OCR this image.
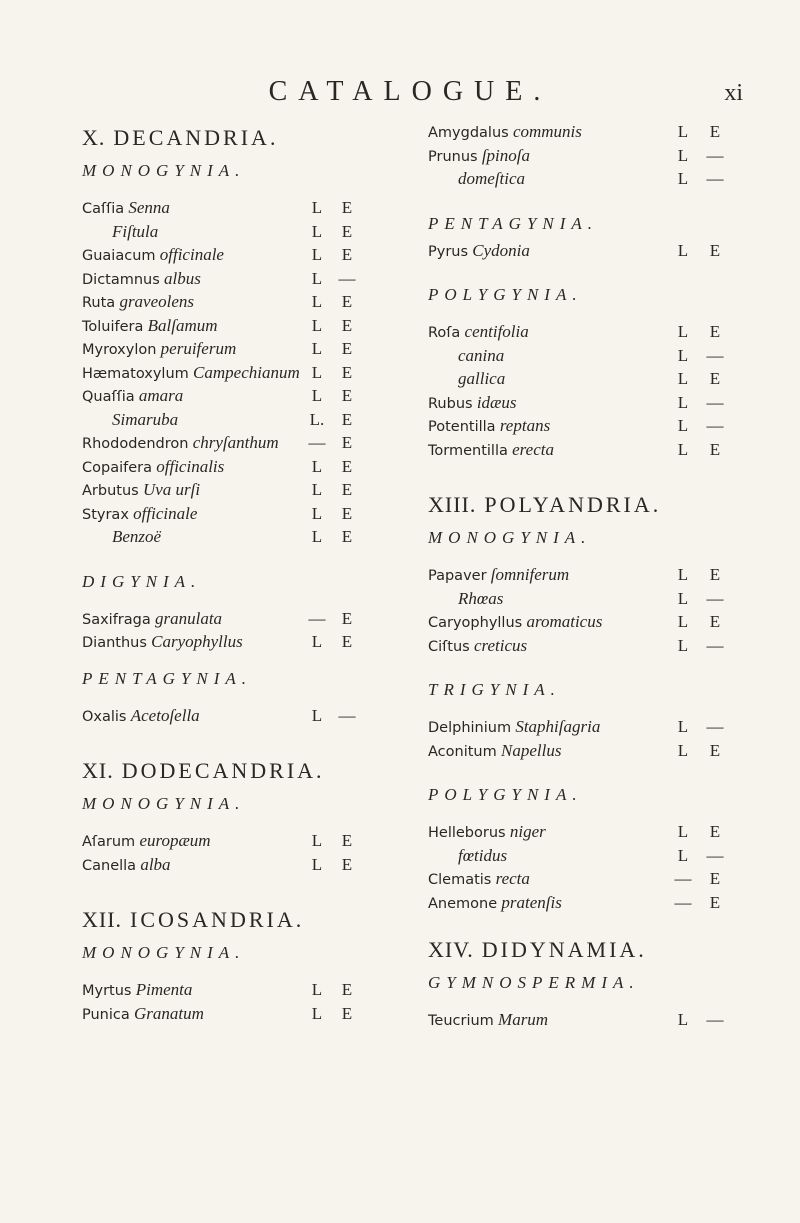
CATALOGUE.	xi
X. DECANDRIA.
MONOGYNIA.
Caſſia Senna	L E
Fiſtula	L E
Guaiacum officinale	L E
Dictamnus albus	L —
Ruta graveolens	L E
Toluifera Balſamum	L E
Myroxylon peruiferum	L E
Hæmatoxylum Campechianum L E
Quaſſia amara	L E
Simaruba	L. E
Rhododendron chryſanthum — E
Copaifera officinalis	L E
Arbutus Uva urſi	L E
Styrax officinale	L E
Benzoë	L E
DIGYNIA.
Saxifraga granulata	— E
Dianthus Caryophyllus	L E
PENTAGYNIA.
Oxalis Acetoſella	L —
XI. DODECANDRIA.
MONOGYNIA.
Aſarum europæum	L E
Canella alba	L E
XII. ICOSANDRIA.
MONOGYNIA.
Myrtus Pimenta	L E
Punica Granatum	L E
Amygdalus communis	L E
Prunus ſpinoſa	L —
domeſtica	L —
PENTAGYNIA.
Pyrus Cydonia	L E
POLYGYNIA.
Roſa centifolia	L E
canina	L —
gallica	L E
Rubus idæus	L —
Potentilla reptans	L —
Tormentilla erecta	L E
XIII. POLYANDRIA.
MONOGYNIA.
Papaver ſomniferum	L E
Rhœas	L —
Caryophyllus aromaticus	L E
Ciſtus creticus	L —
TRIGYNIA.
Delphinium Staphiſagria	L —
Aconitum Napellus	L E
POLYGYNIA.
Helleborus niger	L E
fœtidus	L —
Clematis recta	— E
Anemone pratenſis	— E
XIV. DIDYNAMIA.
GYMNOSPERMIA.
Teucrium Marum	L —
